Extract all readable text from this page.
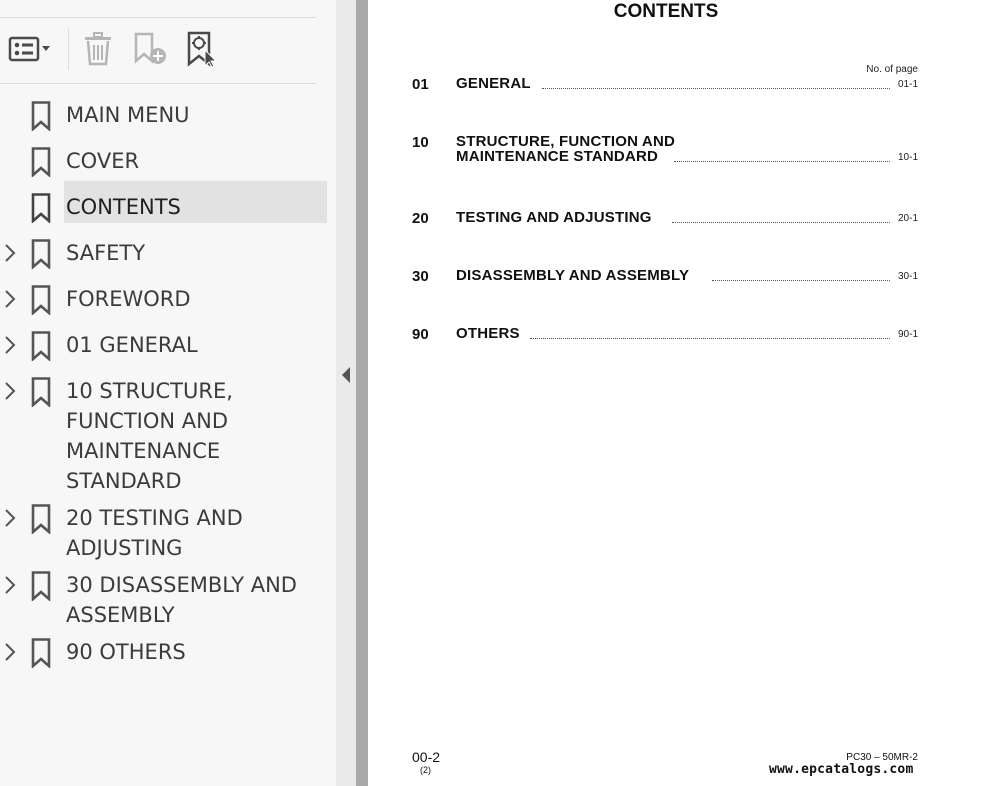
MAIN MENU
COVER
CONTENTS
SAFETY
FOREWORD
01 GENERAL
10 STRUCTURE,
FUNCTION AND
MAINTENANCE
STANDARD
20 TESTING AND
ADJUSTING
30 DISASSEMBLY AND
ASSEMBLY
90 OTHERS
CONTENTS
No. of page
01 GENERAL	01-1
10 STRUCTURE, FUNCTION AND
MAINTENANCE STANDARD	10-1
20 TESTING AND ADJUSTING	20-1
30 DISASSEMBLY AND ASSEMBLY	30-1
90 OTHERS	90-1
00-2
(2)
PC30 – 50MR-2
www.epcatalogs.com
